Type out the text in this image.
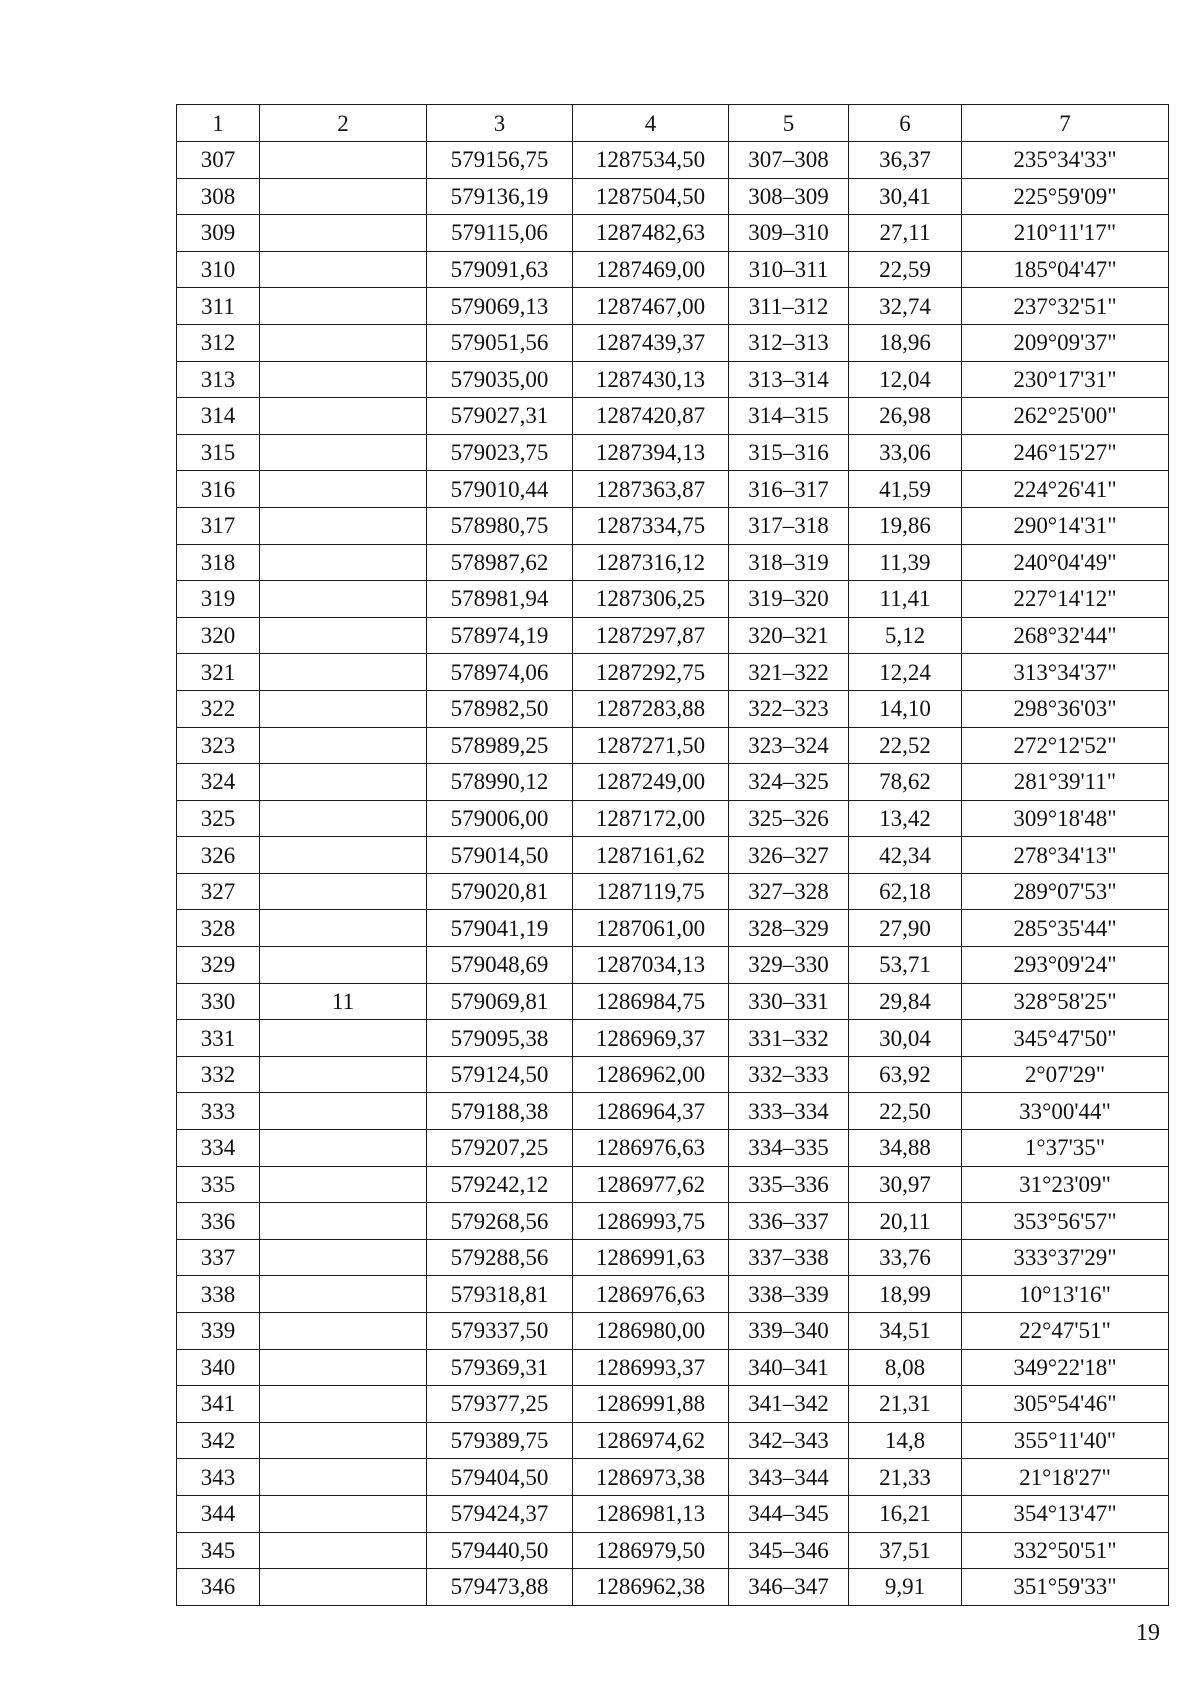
1	2	3	4	5	6	7
307		579156,75	1287534,50	307–308	36,37	235°34'33"
308		579136,19	1287504,50	308–309	30,41	225°59'09"
309		579115,06	1287482,63	309–310	27,11	210°11'17"
310		579091,63	1287469,00	310–311	22,59	185°04'47"
311		579069,13	1287467,00	311–312	32,74	237°32'51"
312		579051,56	1287439,37	312–313	18,96	209°09'37"
313		579035,00	1287430,13	313–314	12,04	230°17'31"
314		579027,31	1287420,87	314–315	26,98	262°25'00"
315		579023,75	1287394,13	315–316	33,06	246°15'27"
316		579010,44	1287363,87	316–317	41,59	224°26'41"
317		578980,75	1287334,75	317–318	19,86	290°14'31"
318		578987,62	1287316,12	318–319	11,39	240°04'49"
319		578981,94	1287306,25	319–320	11,41	227°14'12"
320		578974,19	1287297,87	320–321	5,12	268°32'44"
321		578974,06	1287292,75	321–322	12,24	313°34'37"
322		578982,50	1287283,88	322–323	14,10	298°36'03"
323		578989,25	1287271,50	323–324	22,52	272°12'52"
324		578990,12	1287249,00	324–325	78,62	281°39'11"
325		579006,00	1287172,00	325–326	13,42	309°18'48"
326		579014,50	1287161,62	326–327	42,34	278°34'13"
327		579020,81	1287119,75	327–328	62,18	289°07'53"
328		579041,19	1287061,00	328–329	27,90	285°35'44"
329		579048,69	1287034,13	329–330	53,71	293°09'24"
330	11	579069,81	1286984,75	330–331	29,84	328°58'25"
331		579095,38	1286969,37	331–332	30,04	345°47'50"
332		579124,50	1286962,00	332–333	63,92	2°07'29"
333		579188,38	1286964,37	333–334	22,50	33°00'44"
334		579207,25	1286976,63	334–335	34,88	1°37'35"
335		579242,12	1286977,62	335–336	30,97	31°23'09"
336		579268,56	1286993,75	336–337	20,11	353°56'57"
337		579288,56	1286991,63	337–338	33,76	333°37'29"
338		579318,81	1286976,63	338–339	18,99	10°13'16"
339		579337,50	1286980,00	339–340	34,51	22°47'51"
340		579369,31	1286993,37	340–341	8,08	349°22'18"
341		579377,25	1286991,88	341–342	21,31	305°54'46"
342		579389,75	1286974,62	342–343	14,8	355°11'40"
343		579404,50	1286973,38	343–344	21,33	21°18'27"
344		579424,37	1286981,13	344–345	16,21	354°13'47"
345		579440,50	1286979,50	345–346	37,51	332°50'51"
346		579473,88	1286962,38	346–347	9,91	351°59'33"
19
